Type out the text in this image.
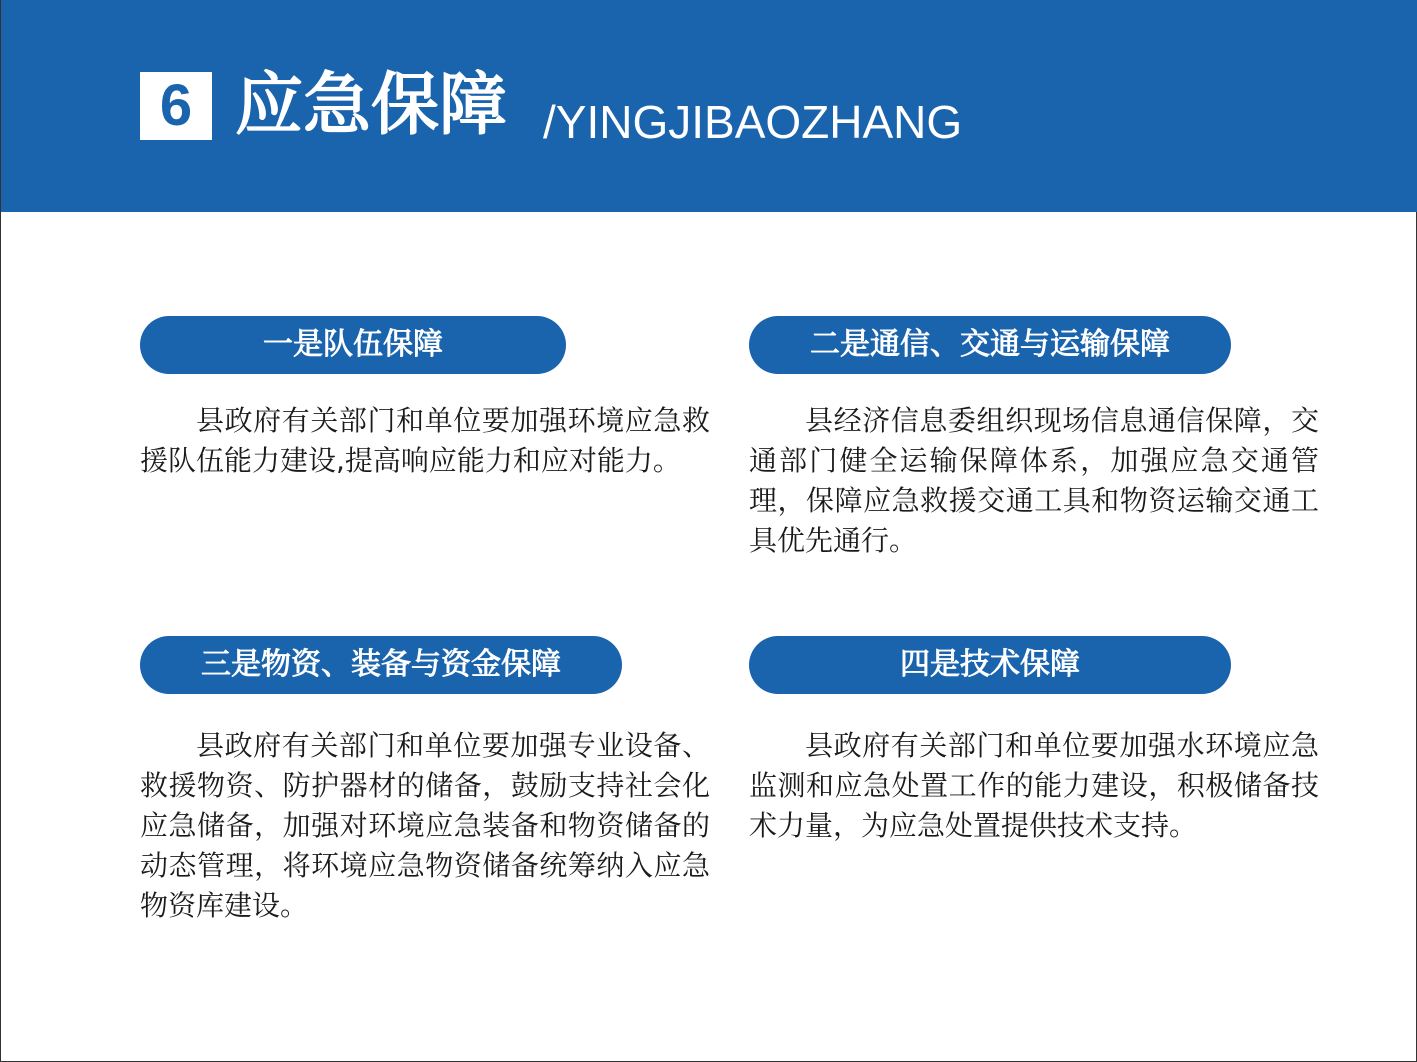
6 应急保障 /YINGJIBAOZHANG
一是队伍保障

县政府有关部门和单位要加强环境应急救援队伍能力建设,提高响应能力和应对能力。

二是通信、交通与运输保障

县经济信息委组织现场信息通信保障，交通部门健全运输保障体系，加强应急交通管理，保障应急救援交通工具和物资运输交通工具优先通行。

三是物资、装备与资金保障

县政府有关部门和单位要加强专业设备、救援物资、防护器材的储备，鼓励支持社会化应急储备，加强对环境应急装备和物资储备的动态管理，将环境应急物资储备统筹纳入应急物资库建设。

四是技术保障

县政府有关部门和单位要加强水环境应急监测和应急处置工作的能力建设，积极储备技术力量，为应急处置提供技术支持。
